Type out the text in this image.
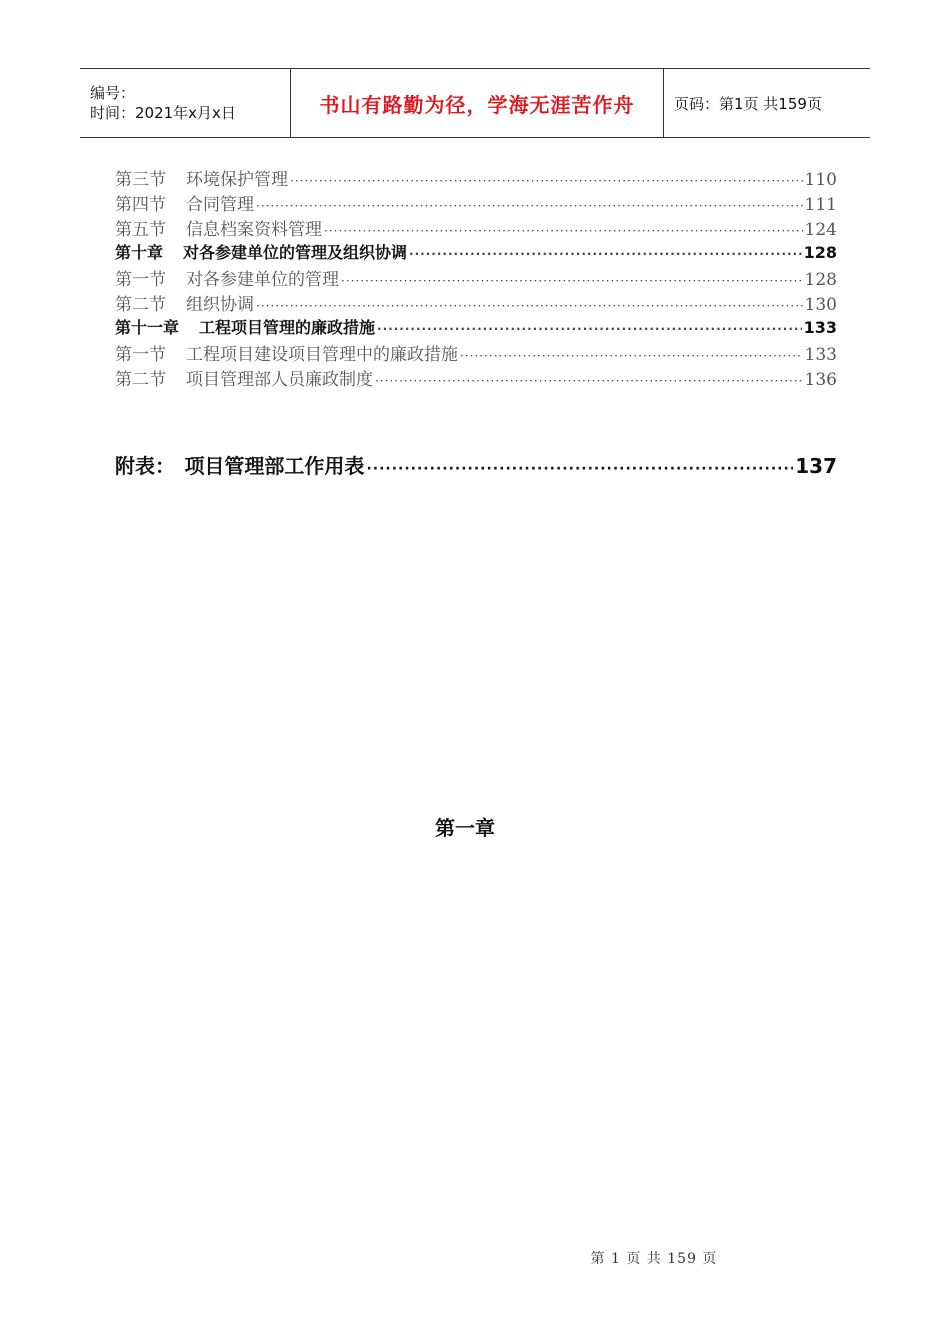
编号：
时间：2021年x月x日	书山有路勤为径，学海无涯苦作舟	页码：第1页 共159页
第三节 环境保护管理 ·····	110
第四节 合同管理 ·····	111
第五节 信息档案资料管理 ·····	124
第十章 对各参建单位的管理及组织协调 ·····	128
第一节 对各参建单位的管理 ·····	128
第二节 组织协调 ·····	130
第十一章 工程项目管理的廉政措施 ·····	133
第一节 工程项目建设项目管理中的廉政措施 ·····	133
第二节 项目管理部人员廉政制度 ·····	136
附表： 项目管理部工作用表 ·····	137
第一章
第 1 页 共 159 页
